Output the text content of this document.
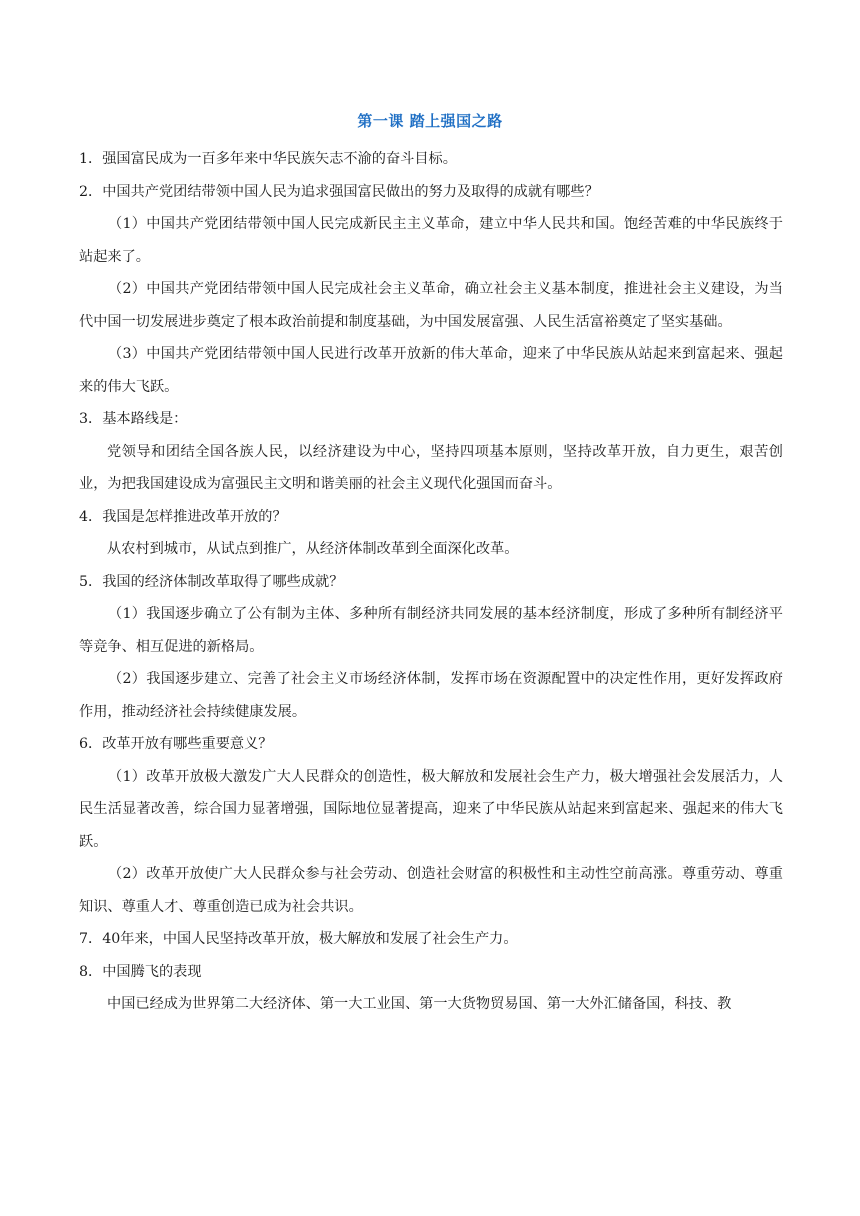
第一课 踏上强国之路

1．强国富民成为一百多年来中华民族矢志不渝的奋斗目标。

2．中国共产党团结带领中国人民为追求强国富民做出的努力及取得的成就有哪些？

（1）中国共产党团结带领中国人民完成新民主主义革命，建立中华人民共和国。饱经苦难的中华民族终于站起来了。

（2）中国共产党团结带领中国人民完成社会主义革命，确立社会主义基本制度，推进社会主义建设，为当代中国一切发展进步奠定了根本政治前提和制度基础，为中国发展富强、人民生活富裕奠定了坚实基础。

（3）中国共产党团结带领中国人民进行改革开放新的伟大革命，迎来了中华民族从站起来到富起来、强起来的伟大飞跃。

3．基本路线是：

党领导和团结全国各族人民，以经济建设为中心，坚持四项基本原则，坚持改革开放，自力更生，艰苦创业，为把我国建设成为富强民主文明和谐美丽的社会主义现代化强国而奋斗。

4．我国是怎样推进改革开放的？

从农村到城市，从试点到推广，从经济体制改革到全面深化改革。

5．我国的经济体制改革取得了哪些成就？

（1）我国逐步确立了公有制为主体、多种所有制经济共同发展的基本经济制度，形成了多种所有制经济平等竞争、相互促进的新格局。

（2）我国逐步建立、完善了社会主义市场经济体制，发挥市场在资源配置中的决定性作用，更好发挥政府作用，推动经济社会持续健康发展。

6．改革开放有哪些重要意义？

（1）改革开放极大激发广大人民群众的创造性，极大解放和发展社会生产力，极大增强社会发展活力，人民生活显著改善，综合国力显著增强，国际地位显著提高，迎来了中华民族从站起来到富起来、强起来的伟大飞跃。

（2）改革开放使广大人民群众参与社会劳动、创造社会财富的积极性和主动性空前高涨。尊重劳动、尊重知识、尊重人才、尊重创造已成为社会共识。

7．40年来，中国人民坚持改革开放，极大解放和发展了社会生产力。

8．中国腾飞的表现

中国已经成为世界第二大经济体、第一大工业国、第一大货物贸易国、第一大外汇储备国，科技、教
